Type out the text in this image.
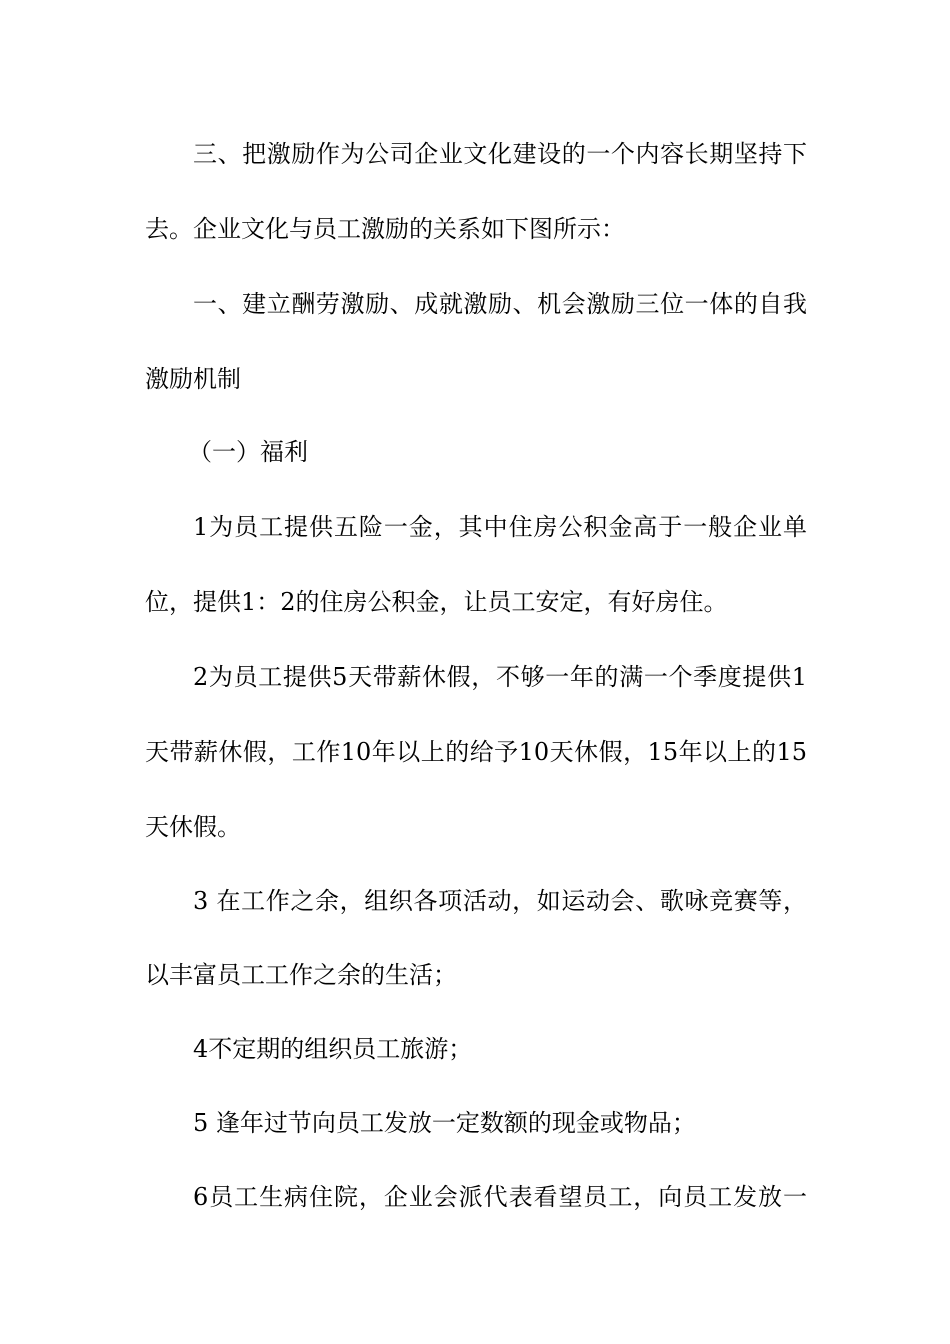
三、把激励作为公司企业文化建设的一个内容长期坚持下

去。企业文化与员工激励的关系如下图所示：

一、建立酬劳激励、成就激励、机会激励三位一体的自我

激励机制

（一）福利

1为员工提供五险一金，其中住房公积金高于一般企业单

位，提供1：2的住房公积金，让员工安定，有好房住。

2为员工提供5天带薪休假，不够一年的满一个季度提供1

天带薪休假，工作10年以上的给予10天休假，15年以上的15

天休假。

3 在工作之余，组织各项活动，如运动会、歌咏竞赛等，

以丰富员工工作之余的生活；

4不定期的组织员工旅游；

5 逢年过节向员工发放一定数额的现金或物品；

6员工生病住院，企业会派代表看望员工，向员工发放一
